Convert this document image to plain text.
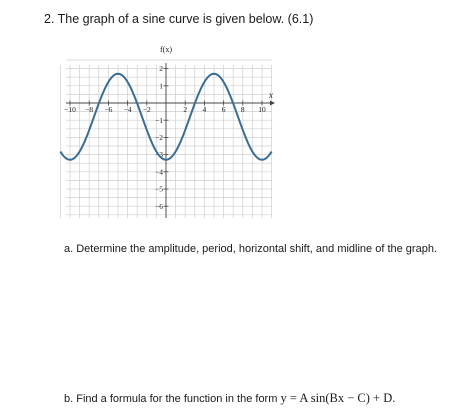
2. The graph of a sine curve is given below. (6.1)
−10 −8 −6 −4 −2	2 4 6 8 10
2
1
−1
−2
−3
−4
−5
−6
f(x)
x
a. Determine the amplitude, period, horizontal shift, and midline of the graph.
b. Find a formula for the function in the form y = A sin(Bx − C) + D.
